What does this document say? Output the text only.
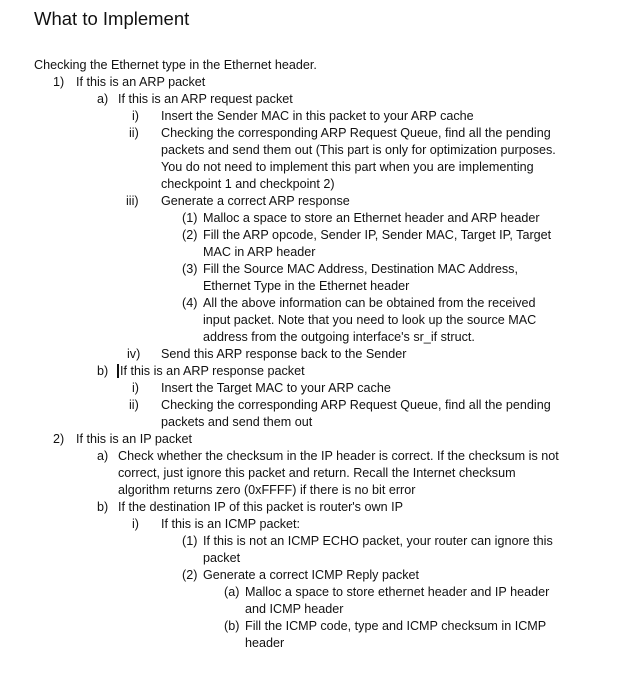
What to Implement
Checking the Ethernet type in the Ethernet header.
1) If this is an ARP packet
a) If this is an ARP request packet
i) Insert the Sender MAC in this packet to your ARP cache
ii) Checking the corresponding ARP Request Queue, find all the pending
packets and send them out (This part is only for optimization purposes.
You do not need to implement this part when you are implementing
checkpoint 1 and checkpoint 2)
iii) Generate a correct ARP response
(1) Malloc a space to store an Ethernet header and ARP header
(2) Fill the ARP opcode, Sender IP, Sender MAC, Target IP, Target
MAC in ARP header
(3) Fill the Source MAC Address, Destination MAC Address,
Ethernet Type in the Ethernet header
(4) All the above information can be obtained from the received
input packet. Note that you need to look up the source MAC
address from the outgoing interface's sr_if struct.
iv) Send this ARP response back to the Sender
b) If this is an ARP response packet
i) Insert the Target MAC to your ARP cache
ii) Checking the corresponding ARP Request Queue, find all the pending
packets and send them out
2) If this is an IP packet
a) Check whether the checksum in the IP header is correct. If the checksum is not
correct, just ignore this packet and return. Recall the Internet checksum
algorithm returns zero (0xFFFF) if there is no bit error
b) If the destination IP of this packet is router's own IP
i) If this is an ICMP packet:
(1) If this is not an ICMP ECHO packet, your router can ignore this
packet
(2) Generate a correct ICMP Reply packet
(a) Malloc a space to store ethernet header and IP header
and ICMP header
(b) Fill the ICMP code, type and ICMP checksum in ICMP
header
